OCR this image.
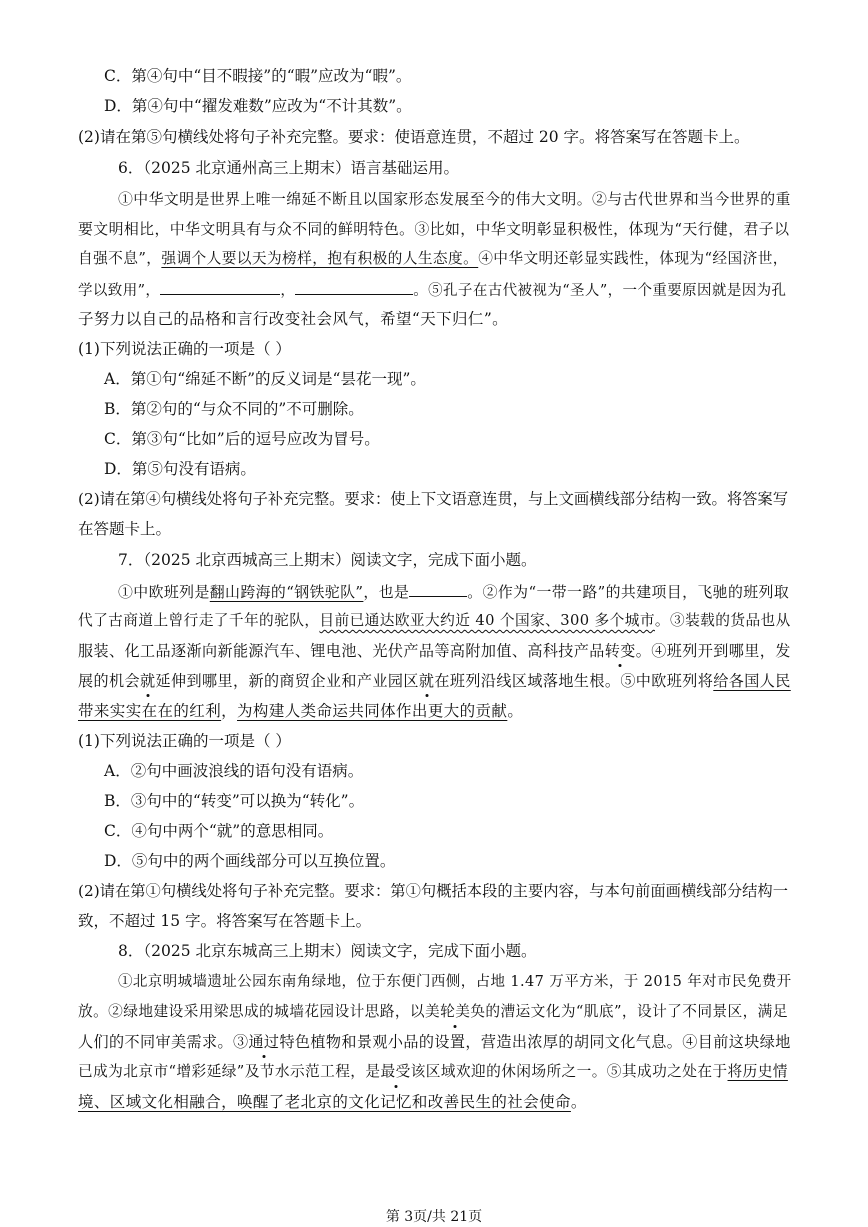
C．第④句中“目不暇接”的“暇”应改为“暇”。
D．第④句中“擢发难数”应改为“不计其数”。
(2)请在第⑤句横线处将句子补充完整。要求：使语意连贯，不超过 20 字。将答案写在答题卡上。
6．（2025 北京通州高三上期末）语言基础运用。
①中华文明是世界上唯一绵延不断且以国家形态发展至今的伟大文明。②与古代世界和当今世界的重
要文明相比，中华文明具有与众不同的鲜明特色。③比如，中华文明彰显积极性，体现为“天行健，君子以
自强不息”，强调个人要以天为榜样，抱有积极的人生态度。④中华文明还彰显实践性，体现为“经国济世，
学以致用”，	，	。⑤孔子在古代被视为“圣人”，一个重要原因就是因为孔
子努力以自己的品格和言行改变社会风气，希望“天下归仁”。
(1)下列说法正确的一项是（ ）
A．第①句“绵延不断”的反义词是“昙花一现”。
B．第②句的“与众不同的”不可删除。
C．第③句“比如”后的逗号应改为冒号。
D．第⑤句没有语病。
(2)请在第④句横线处将句子补充完整。要求：使上下文语意连贯，与上文画横线部分结构一致。将答案写
在答题卡上。
7．（2025 北京西城高三上期末）阅读文字，完成下面小题。
①中欧班列是翻山跨海的“钢铁驼队”，也是	。②作为“一带一路”的共建项目，飞驰的班列取
代了古商道上曾行走了千年的驼队，目前已通达欧亚大约近 40 个国家、300 多个城市。③装载的货品也从
服装、化工品逐渐向新能源汽车、锂电池、光伏产品等高附加值、高科技产品转变。④班列开到哪里，发
展的机会就延伸到哪里，新的商贸企业和产业园区就在班列沿线区域落地生根。⑤中欧班列将给各国人民
带来实实在在的红利，为构建人类命运共同体作出更大的贡献。
(1)下列说法正确的一项是（ ）
A．②句中画波浪线的语句没有语病。
B．③句中的“转变”可以换为“转化”。
C．④句中两个“就”的意思相同。
D．⑤句中的两个画线部分可以互换位置。
(2)请在第①句横线处将句子补充完整。要求：第①句概括本段的主要内容，与本句前面画横线部分结构一
致，不超过 15 字。将答案写在答题卡上。
8．（2025 北京东城高三上期末）阅读文字，完成下面小题。
①北京明城墙遗址公园东南角绿地，位于东便门西侧，占地 1.47 万平方米，于 2015 年对市民免费开
放。②绿地建设采用梁思成的城墙花园设计思路，以美轮美奂的漕运文化为“肌底”，设计了不同景区，满足
人们的不同审美需求。③通过特色植物和景观小品的设置，营造出浓厚的胡同文化气息。④目前这块绿地
已成为北京市“增彩延绿”及节水示范工程，是最受该区域欢迎的休闲场所之一。⑤其成功之处在于将历史情
境、区域文化相融合，唤醒了老北京的文化记忆和改善民生的社会使命。
第 3页/共 21页
